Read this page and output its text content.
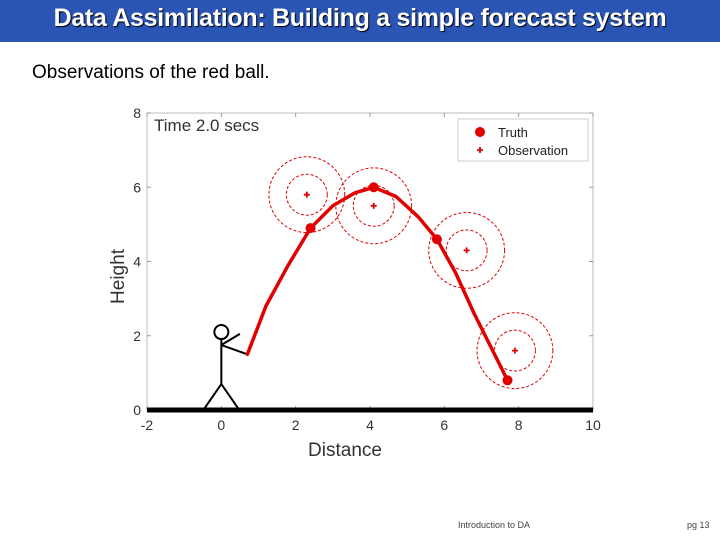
Data Assimilation: Building a simple forecast system
Observations of the red ball.
-2	0	2	4	6	8	10
0
2
4
6
8
Distance
Height
Time 2.0 secs	Truth
Observation
Introduction to DA	pg 13
